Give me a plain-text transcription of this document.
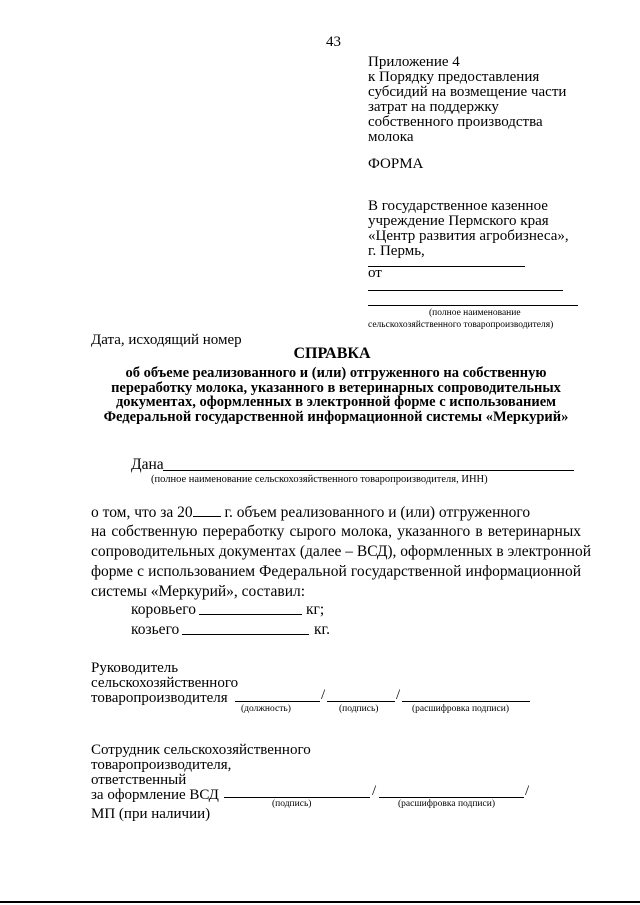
43
Приложение 4
к Порядку предоставления
субсидий на возмещение части
затрат на поддержку
собственного производства
молока
ФОРМА
В государственное казенное
учреждение Пермского края
«Центр развития агробизнеса»,
г. Пермь,
от
(полное наименование
сельскохозяйственного товаропроизводителя)
Дата, исходящий номер
СПРАВКА
об объеме реализованного и (или) отгруженного на собственную
переработку молока, указанного в ветеринарных сопроводительных
документах, оформленных в электронной форме с использованием
Федеральной государственной информационной системы «Меркурий»
Дана
(полное наименование сельскохозяйственного товаропроизводителя, ИНН)
о том, что за 20 г. объем реализованного и (или) отгруженного
на собственную переработку сырого молока, указанного в ветеринарных
сопроводительных документах (далее – ВСД), оформленных в электронной
форме с использованием Федеральной государственной информационной
системы «Меркурий», составил:
коровьего	кг;
козьего	кг.
Руководитель
сельскохозяйственного
товаропроизводителя	/	/
(должность)	(подпись)	(расшифровка подписи)
Сотрудник сельскохозяйственного
товаропроизводителя,
ответственный
за оформление ВСД	/	/
(подпись)	(расшифровка подписи)
МП (при наличии)
